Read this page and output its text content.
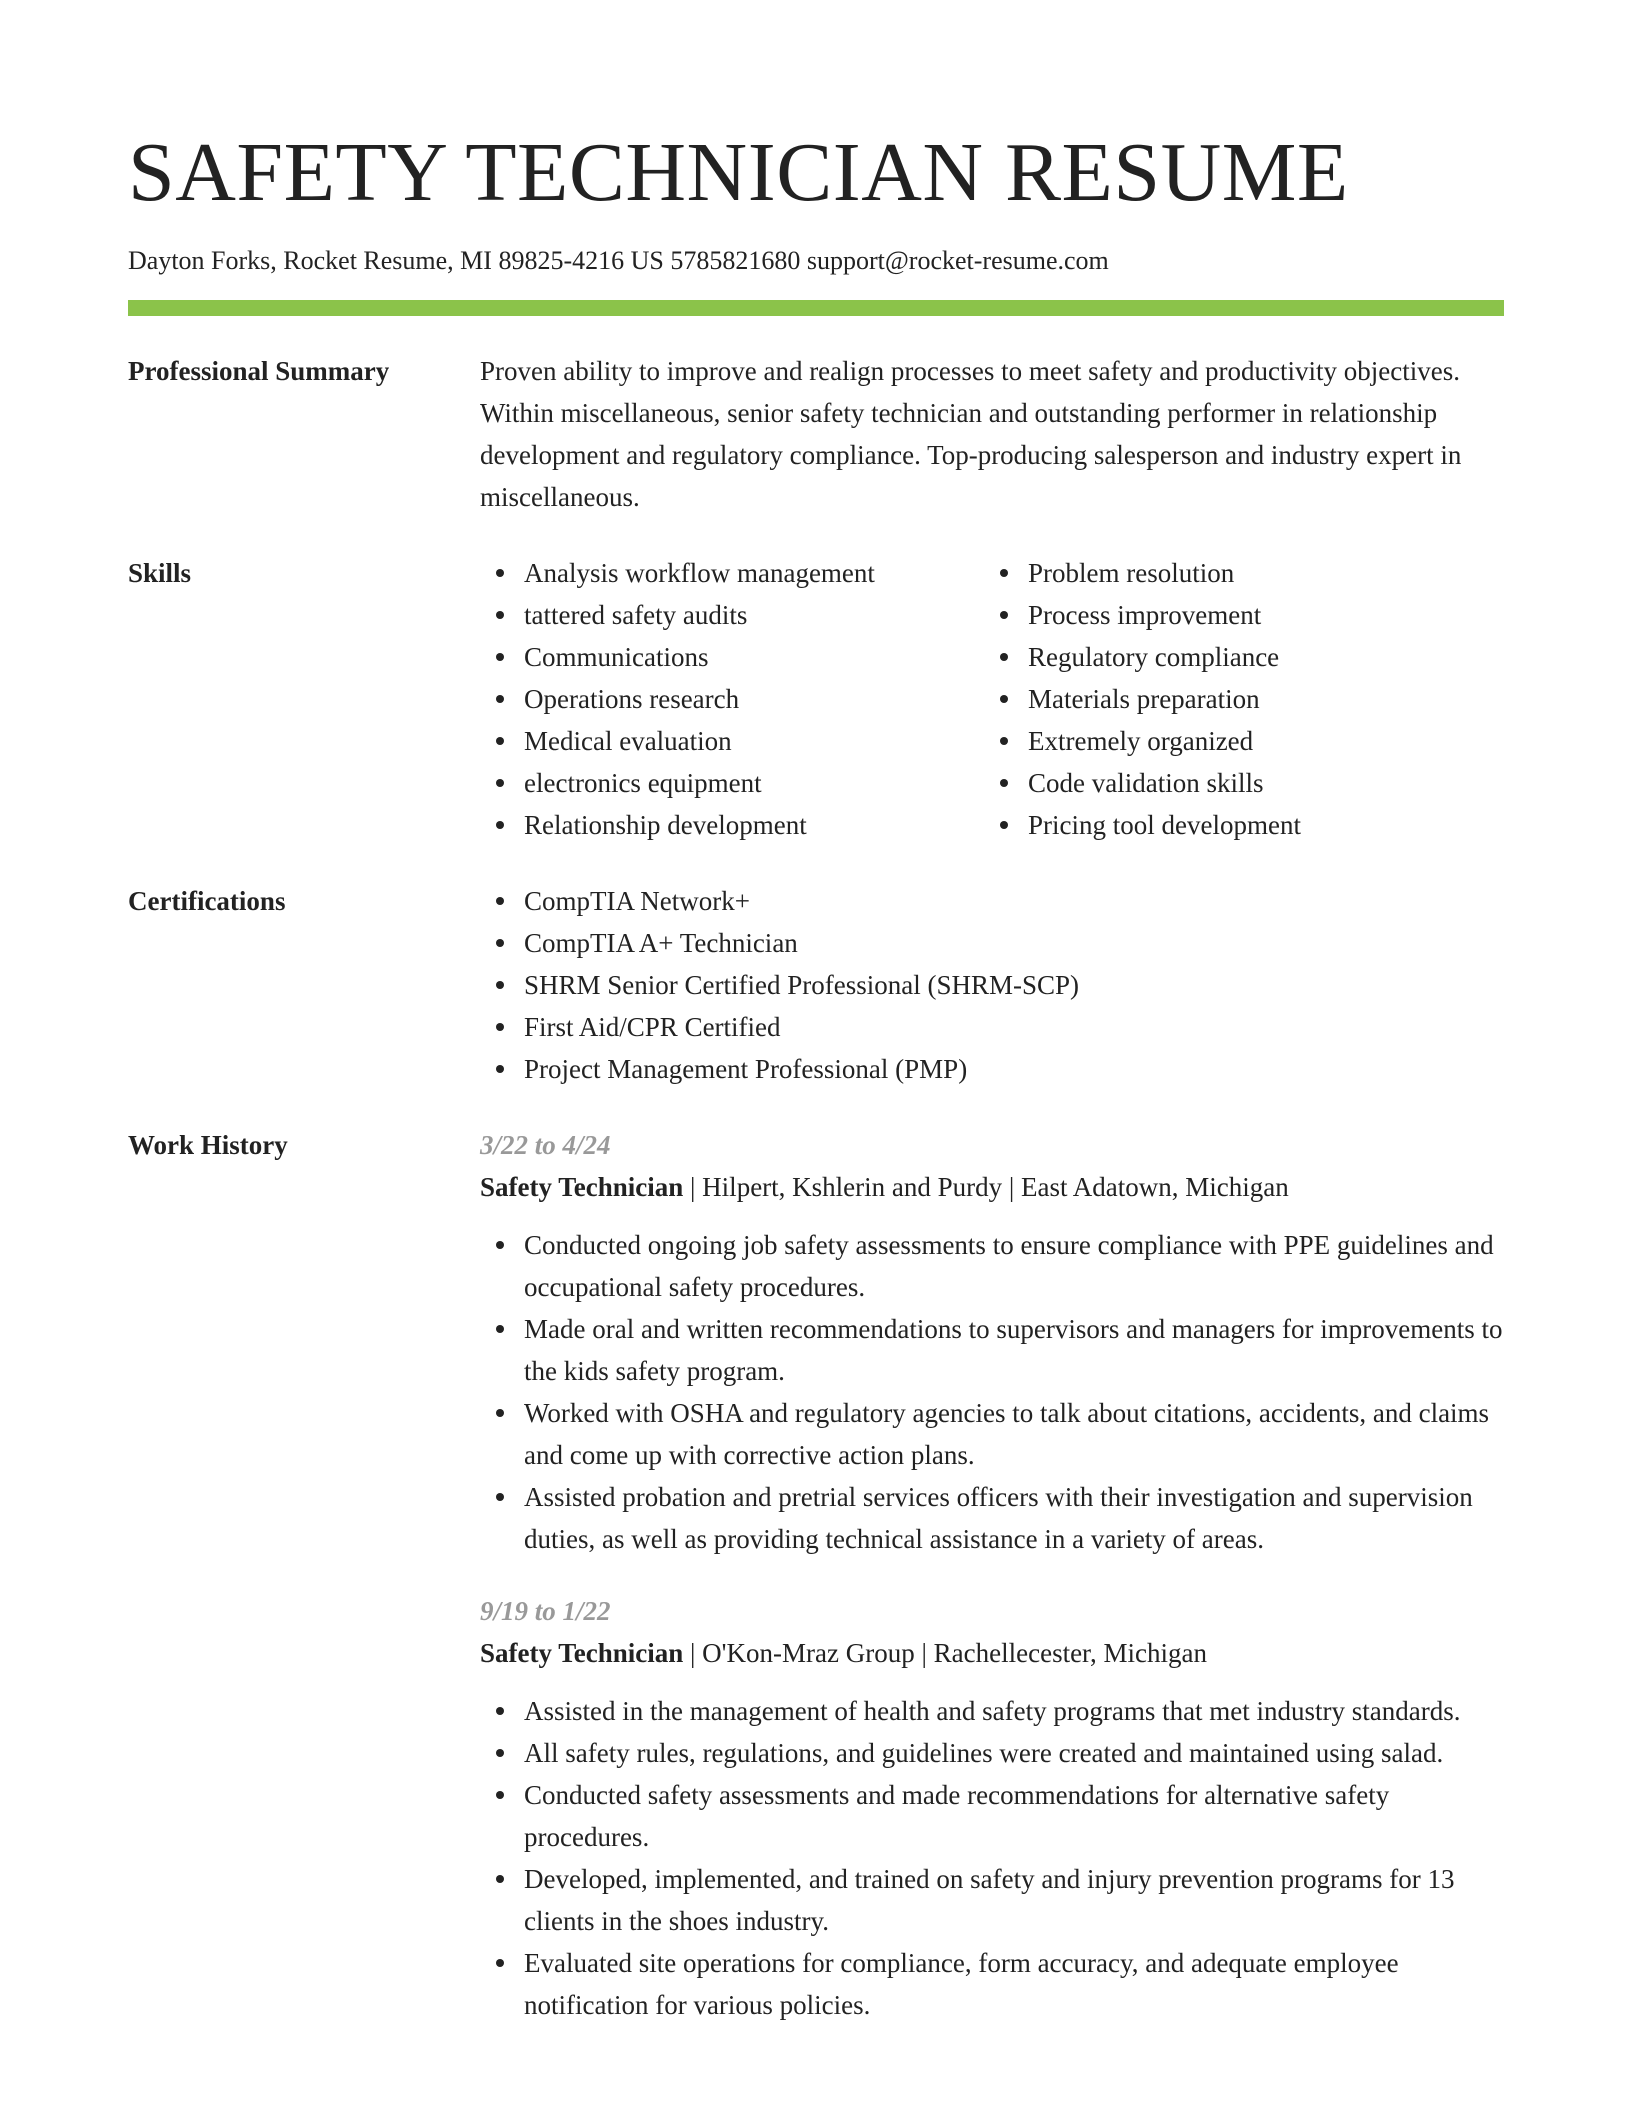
SAFETY TECHNICIAN RESUME
Dayton Forks, Rocket Resume, MI 89825-4216 US 5785821680 support@rocket-resume.com
Professional Summary	Proven ability to improve and realign processes to meet safety and productivity objectives. Within miscellaneous, senior safety technician and outstanding performer in relationship development and regulatory compliance. Top-producing salesperson and industry expert in miscellaneous.

Skills	Analysis workflow management
tattered safety audits
Communications
Operations research
Medical evaluation
electronics equipment
Relationship development
Problem resolution
Process improvement
Regulatory compliance
Materials preparation
Extremely organized
Code validation skills
Pricing tool development
Certifications	CompTIA Network+
CompTIA A+ Technician
SHRM Senior Certified Professional (SHRM-SCP)
First Aid/CPR Certified
Project Management Professional (PMP)
Work History	3/22 to 4/24
Safety Technician | Hilpert, Kshlerin and Purdy | East Adatown, Michigan
Conducted ongoing job safety assessments to ensure compliance with PPE guidelines and occupational safety procedures.
Made oral and written recommendations to supervisors and managers for improvements to the kids safety program.
Worked with OSHA and regulatory agencies to talk about citations, accidents, and claims and come up with corrective action plans.
Assisted probation and pretrial services officers with their investigation and supervision duties, as well as providing technical assistance in a variety of areas.
9/19 to 1/22
Safety Technician | O'Kon-Mraz Group | Rachellecester, Michigan
Assisted in the management of health and safety programs that met industry standards.
All safety rules, regulations, and guidelines were created and maintained using salad.
Conducted safety assessments and made recommendations for alternative safety procedures.
Developed, implemented, and trained on safety and injury prevention programs for 13 clients in the shoes industry.
Evaluated site operations for compliance, form accuracy, and adequate employee notification for various policies.
